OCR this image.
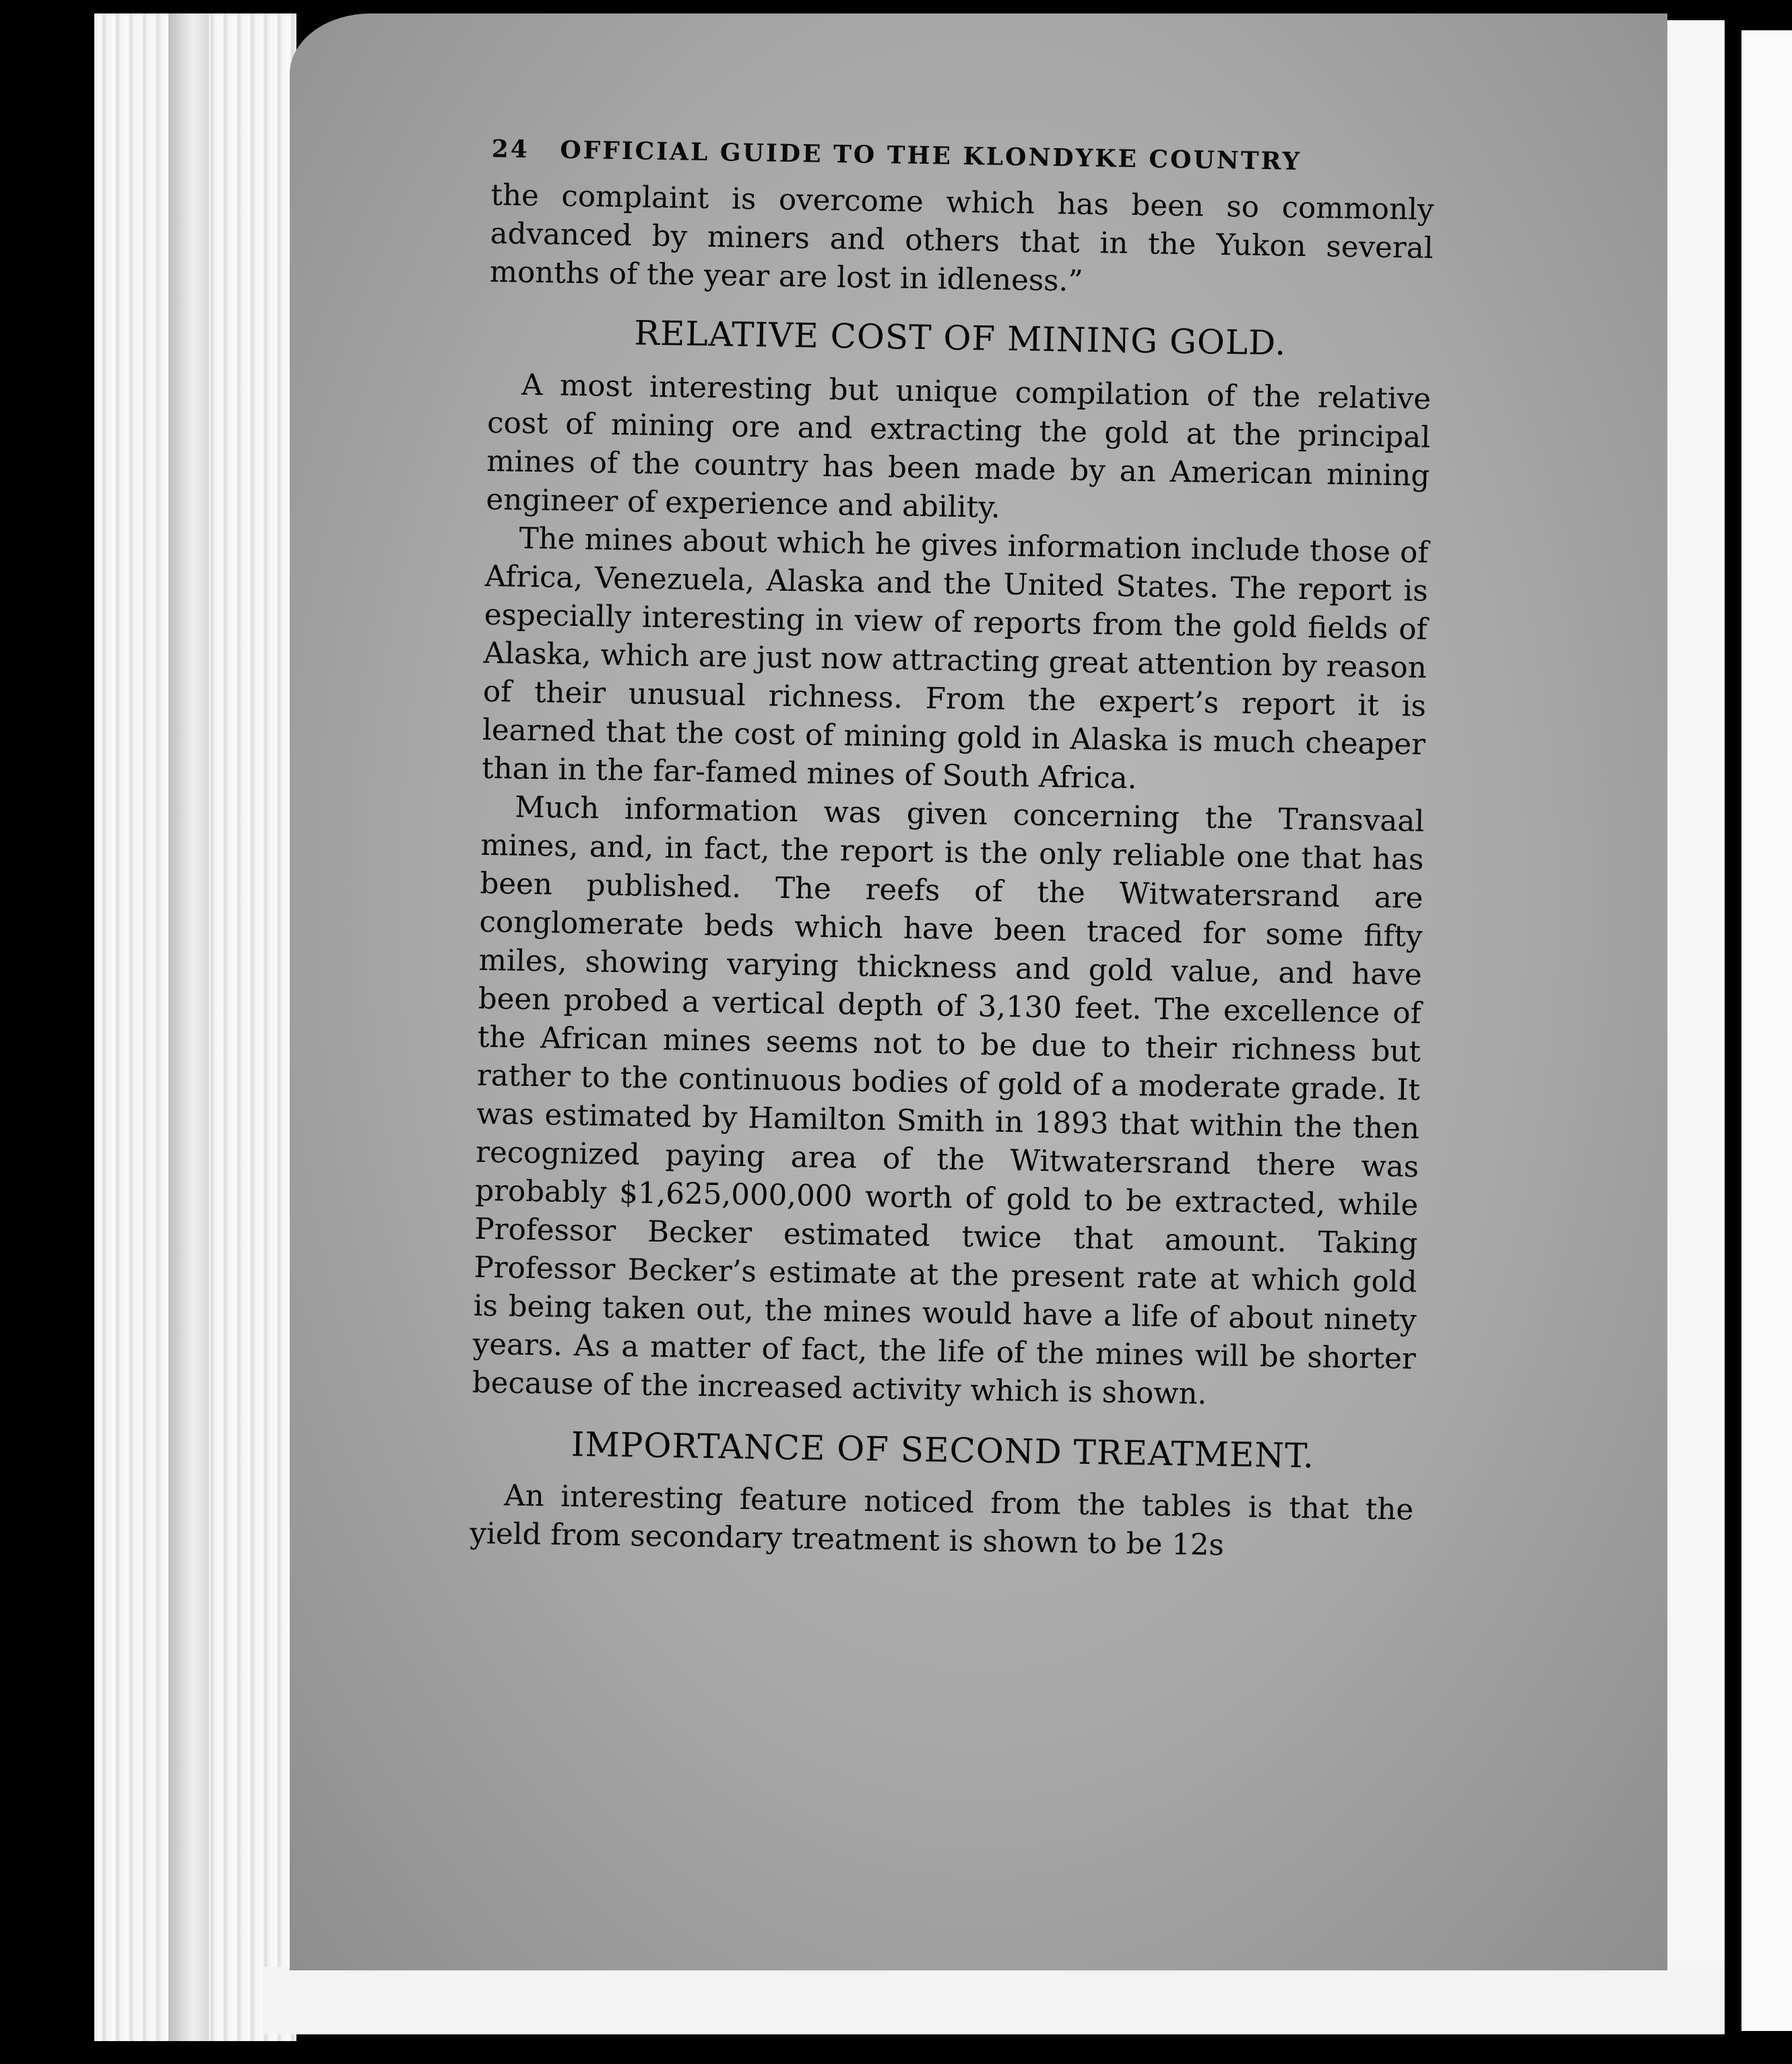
24 OFFICIAL GUIDE TO THE KLONDYKE COUNTRY

the complaint is overcome which has been so commonly advanced by miners and others that in the Yukon several months of the year are lost in idleness.”

RELATIVE COST OF MINING GOLD.

A most interesting but unique compilation of the relative cost of mining ore and extracting the gold at the principal mines of the country has been made by an American mining engineer of experience and ability.

The mines about which he gives information include those of Africa, Venezuela, Alaska and the United States. The report is especially interesting in view of reports from the gold fields of Alaska, which are just now attracting great attention by reason of their unusual richness. From the expert’s report it is learned that the cost of mining gold in Alaska is much cheaper than in the far-famed mines of South Africa.

Much information was given concerning the Transvaal mines, and, in fact, the report is the only reliable one that has been published. The reefs of the Witwatersrand are conglomerate beds which have been traced for some fifty miles, showing varying thickness and gold value, and have been probed a vertical depth of 3,130 feet. The excellence of the African mines seems not to be due to their richness but rather to the continuous bodies of gold of a moderate grade. It was estimated by Hamilton Smith in 1893 that within the then recognized paying area of the Witwatersrand there was probably $1,625,000,000 worth of gold to be extracted, while Professor Becker estimated twice that amount. Taking Professor Becker’s estimate at the present rate at which gold is being taken out, the mines would have a life of about ninety years. As a matter of fact, the life of the mines will be shorter because of the increased activity which is shown.

IMPORTANCE OF SECOND TREATMENT.

An interesting feature noticed from the tables is that the yield from secondary treatment is shown to be 12s
